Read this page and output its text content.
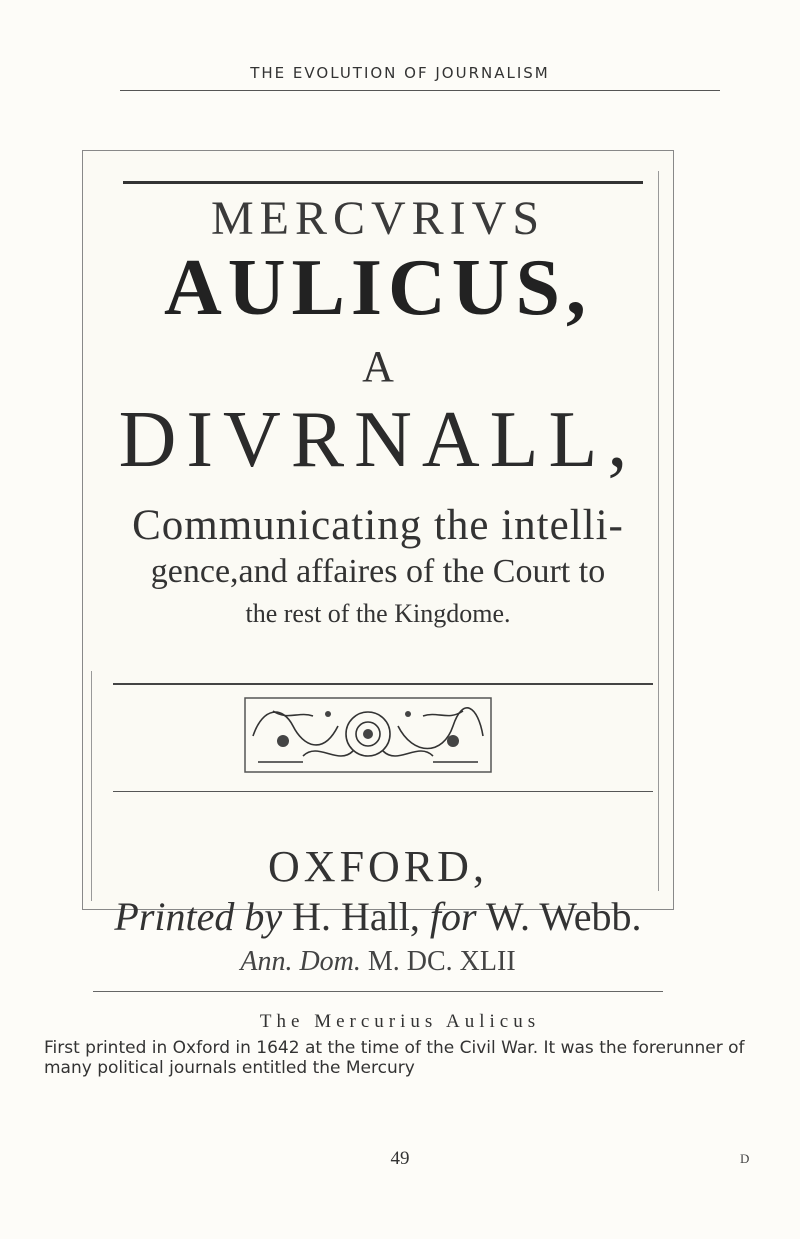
THE EVOLUTION OF JOURNALISM
MERCVRIVS
AULICUS,
A
DIVRNALL,
Communicating the intelli-
gence,and affaires of the Court to
the rest of the Kingdome.
OXFORD,
Printed by H. Hall, for W. Webb.
Ann. Dom. M. DC. XLII
The Mercurius Aulicus
First printed in Oxford in 1642 at the time of the Civil War. It was the forerunner of many political journals entitled the Mercury
49	D
